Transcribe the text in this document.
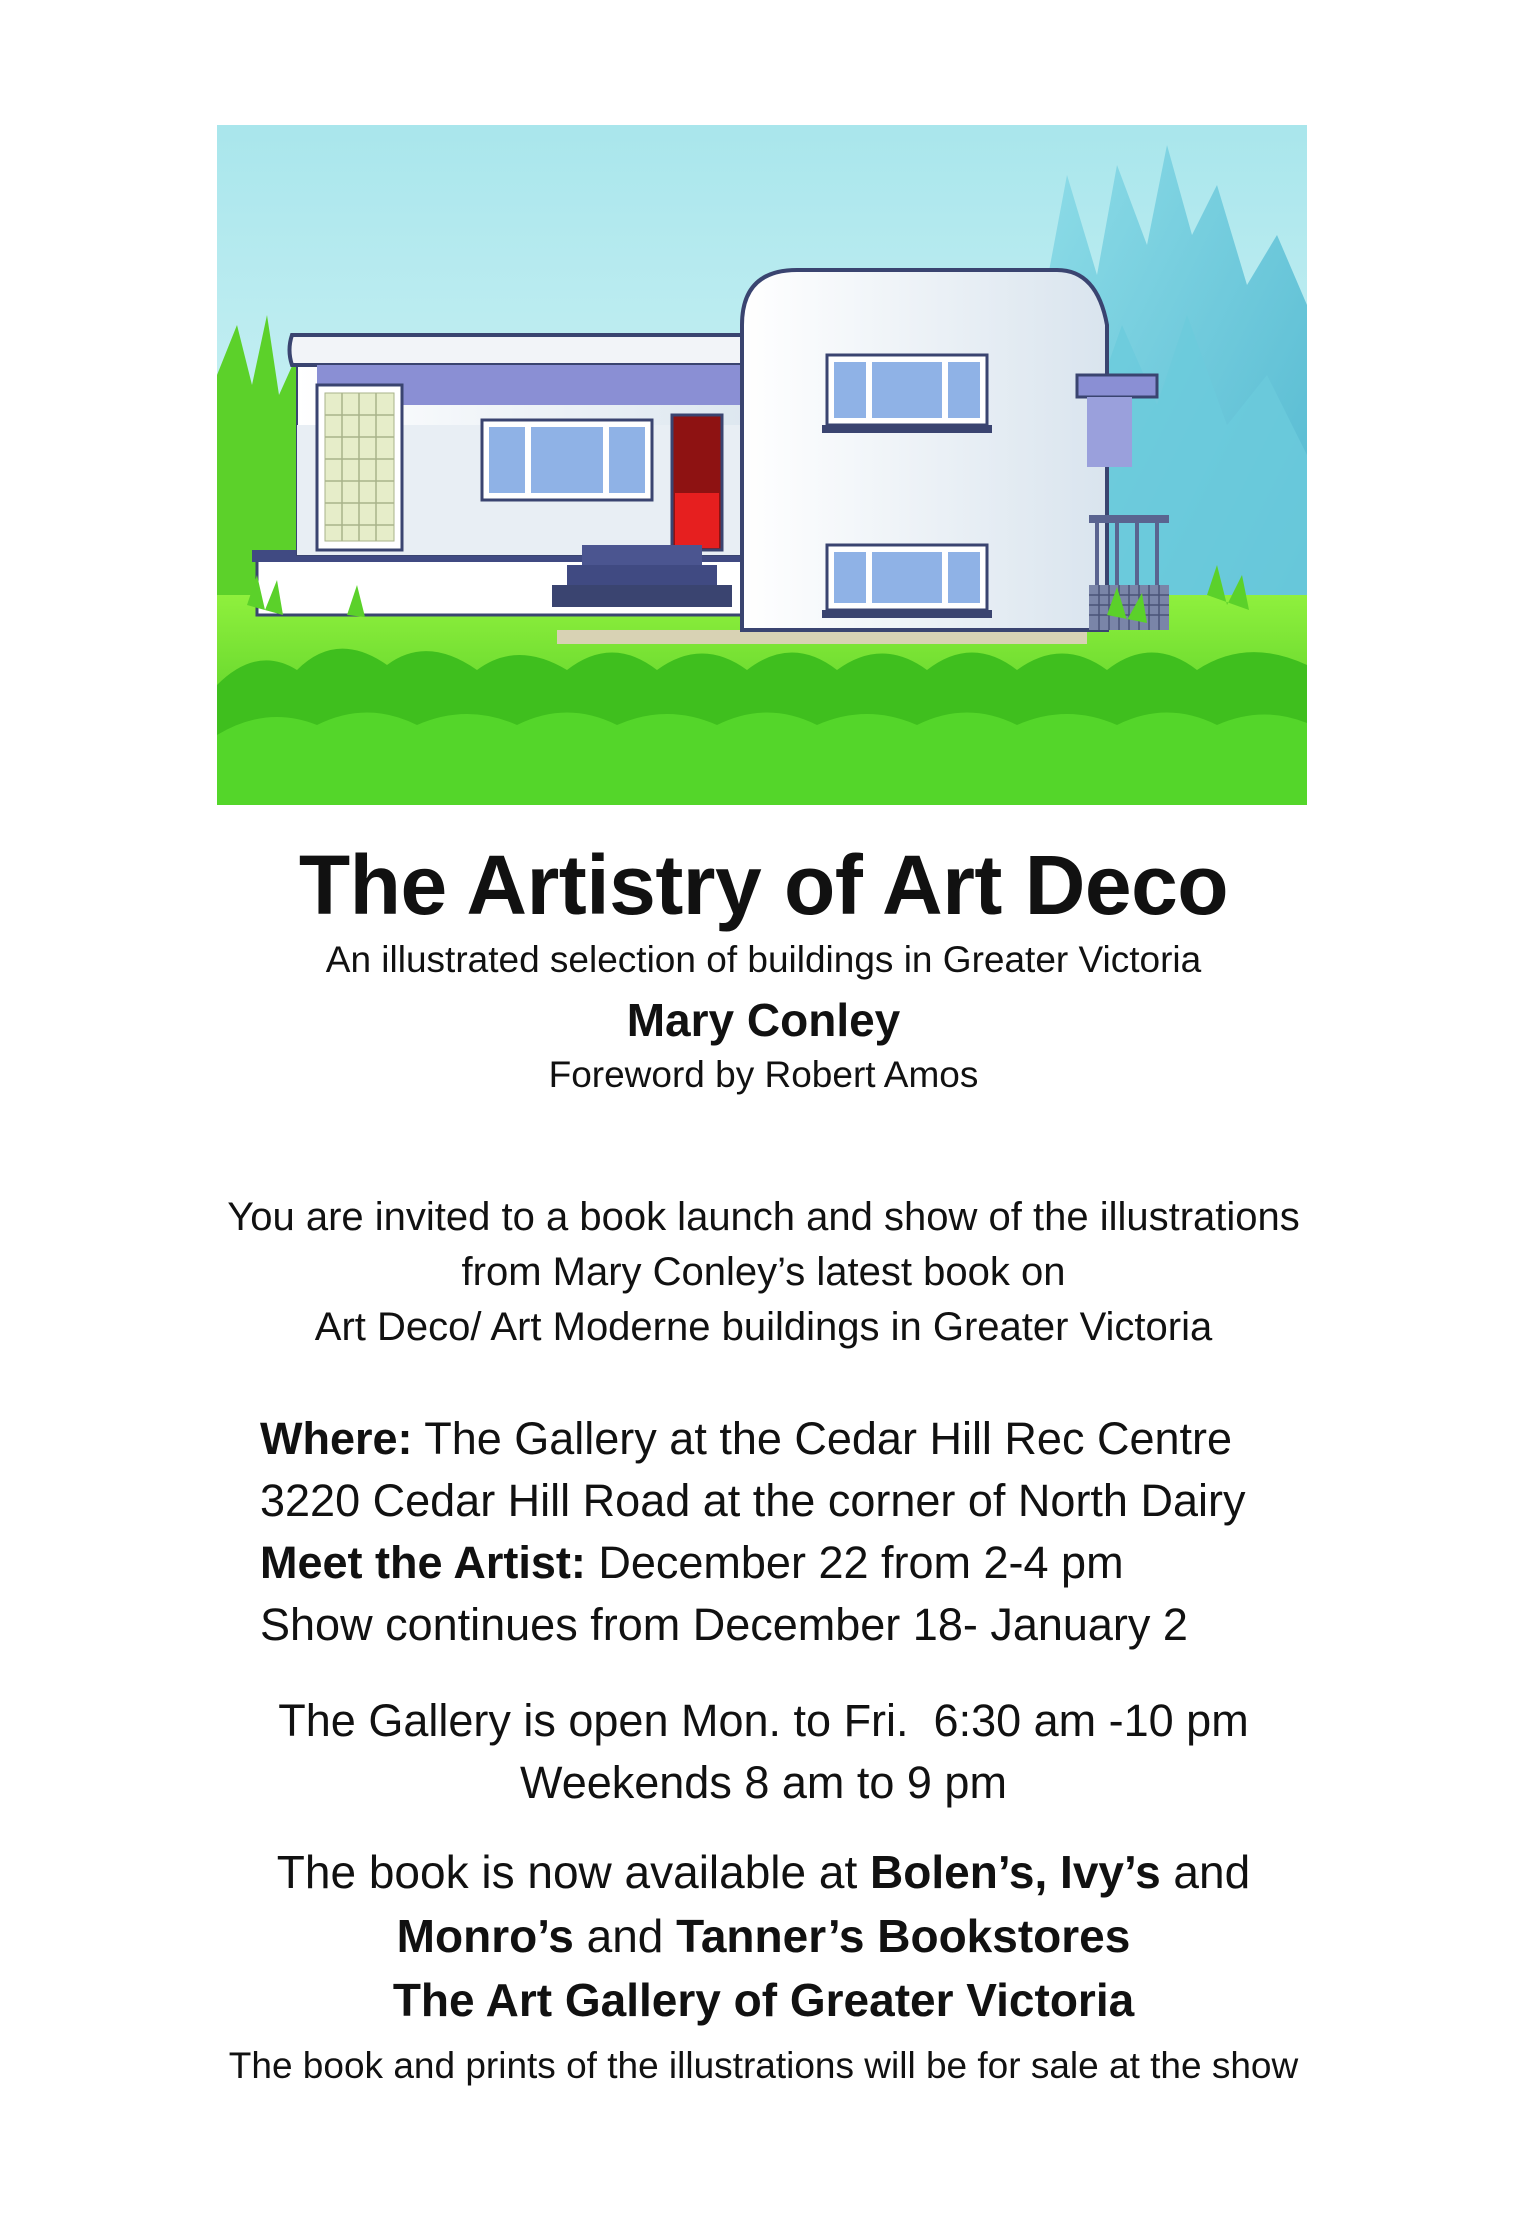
The Artistry of Art Deco
An illustrated selection of buildings in Greater Victoria
Mary Conley
Foreword by Robert Amos
You are invited to a book launch and show of the illustrations
from Mary Conley’s latest book on
Art Deco/ Art Moderne buildings in Greater Victoria
Where: The Gallery at the Cedar Hill Rec Centre
3220 Cedar Hill Road at the corner of North Dairy
Meet the Artist: December 22 from 2-4 pm
Show continues from December 18- January 2
The Gallery is open Mon. to Fri.  6:30 am -10 pm
Weekends 8 am to 9 pm
The book is now available at Bolen’s, Ivy’s and
Monro’s and Tanner’s Bookstores
The Art Gallery of Greater Victoria
The book and prints of the illustrations will be for sale at the show
